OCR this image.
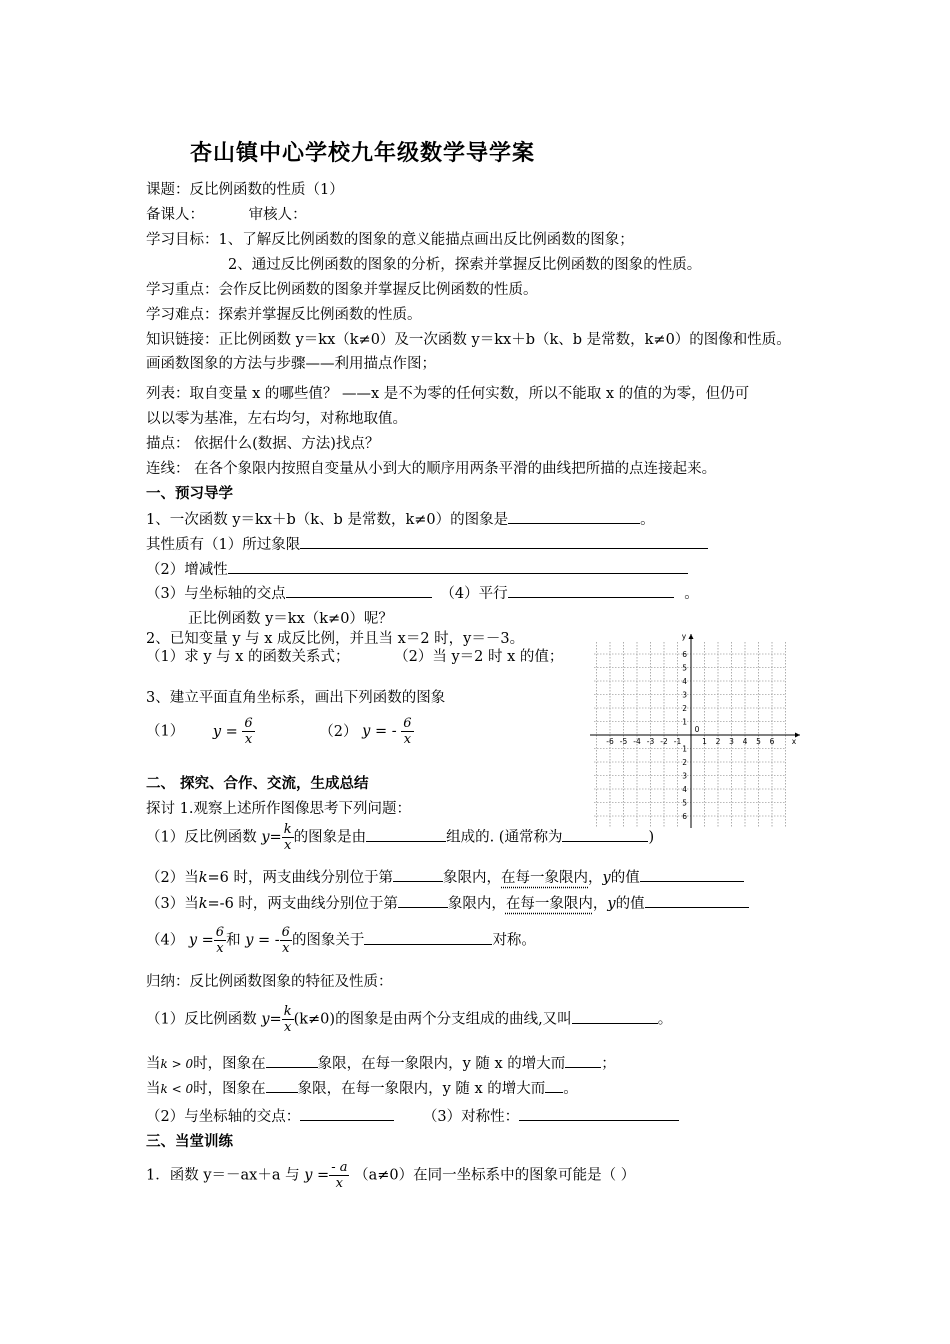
杏山镇中心学校九年级数学导学案
课题：反比例函数的性质（1）
备课人：	审核人：
学习目标：1、了解反比例函数的图象的意义能描点画出反比例函数的图象；
2、通过反比例函数的图象的分析，探索并掌握反比例函数的图象的性质。
学习重点：会作反比例函数的图象并掌握反比例函数的性质。
学习难点：探索并掌握反比例函数的性质。
知识链接：正比例函数 y＝kx（k≠0）及一次函数 y＝kx＋b（k、b 是常数，k≠0）的图像和性质。
画函数图象的方法与步骤——利用描点作图；
列表：取自变量 x 的哪些值？ ——x 是不为零的任何实数，所以不能取 x 的值的为零，但仍可
以以零为基准，左右均匀，对称地取值。
描点： 依据什么(数据、方法)找点？
连线： 在各个象限内按照自变量从小到大的顺序用两条平滑的曲线把所描的点连接起来。
一、预习导学
1、一次函数 y＝kx＋b（k、b 是常数，k≠0）的图象是	。
其性质有（1）所过象限
（2）增减性
（3）与坐标轴的交点	（4）平行	。
正比例函数 y＝kx（k≠0）呢？
2、已知变量 y 与 x 成反比例，并且当 x＝2 时，y＝－3。
（1）求 y 与 x 的函数关系式；	（2）当 y＝2 时 x 的值；
3、建立平面直角坐标系，画出下列函数的图象
（1） $y = \frac{6}{x}$	（2） y = - $\frac{6}{x}$	x
y
0
-6 -5 -4 -3 -2 -1	1 2 3 4 5 6
6
5
4
3
2
1
1
2
3
4
5
6
二、 探究、合作、交流，生成总结
探讨 1.观察上述所作图像思考下列问题：
（1）反比例函数 $y= \frac{k}{x}$ 的图象是由	组成的. (通常称为	)
（2）当k=6 时，两支曲线分别位于第	象限内，在每一象限内，y的值
（3）当k=-6 时，两支曲线分别位于第	象限内，在每一象限内，y的值
（4） $y = \frac{6}{x}$ 和 y = - $\frac{6}{x}$ 的图象关于	对称。
归纳：反比例函数图象的特征及性质：
（1）反比例函数 $y= \frac{k}{x} (k\ne 0)$的图象是由两个分支组成的曲线,又叫	。
当k > 0时，图象在	象限，在每一象限内，y 随 x 的增大而 ；
当k < 0时，图象在 象限，在每一象限内，y 随 x 的增大而 。
（2）与坐标轴的交点：	（3）对称性：
三、当堂训练
1．函数 y＝－ax＋a 与 $y = \frac{- a}{x} (a\ne 0)$在同一坐标系中的图象可能是（ ）
